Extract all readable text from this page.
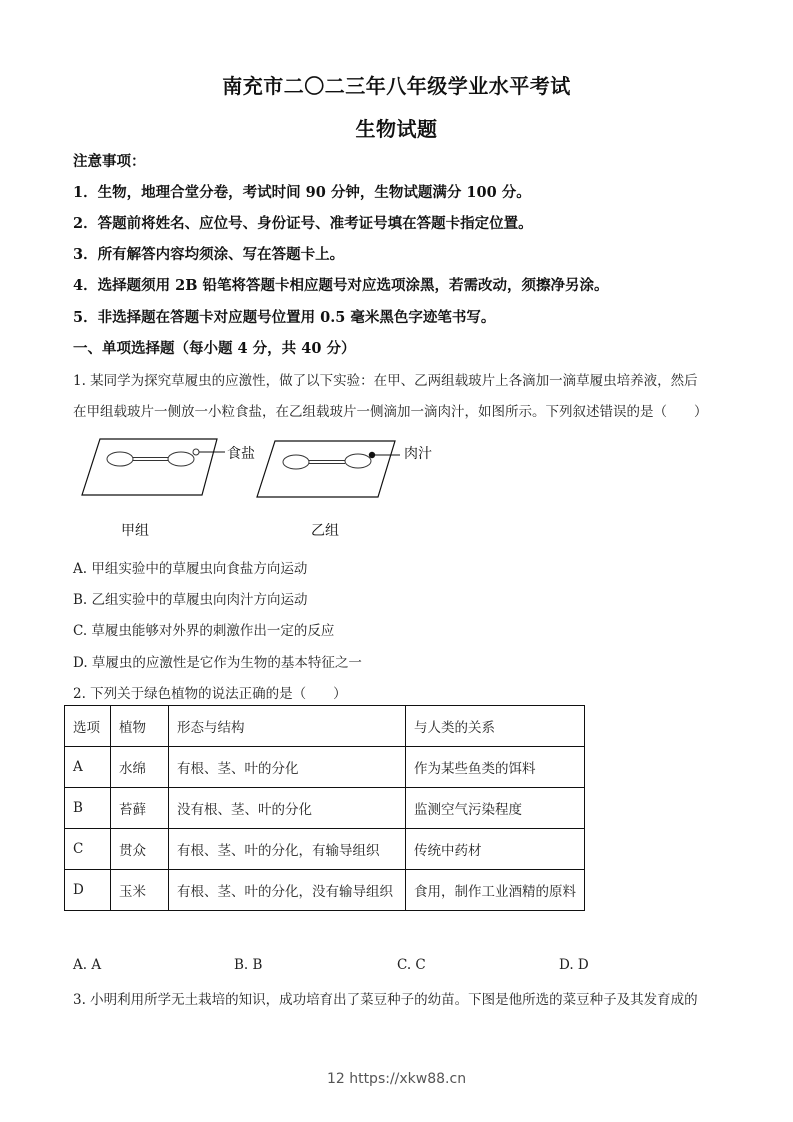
南充市二〇二三年八年级学业水平考试
生物试题
注意事项：
1．生物，地理合堂分卷，考试时间 90 分钟，生物试题满分 100 分。
2．答题前将姓名、应位号、身份证号、准考证号填在答题卡指定位置。
3．所有解答内容均须涂、写在答题卡上。
4．选择题须用 2B 铅笔将答题卡相应题号对应选项涂黑，若需改动，须擦净另涂。
5．非选择题在答题卡对应题号位置用 0.5 毫米黑色字迹笔书写。
一、单项选择题（每小题 4 分，共 40 分）
1. 某同学为探究草履虫的应激性，做了以下实验：在甲、乙两组载玻片上各滴加一滴草履虫培养液，然后
在甲组载玻片一侧放一小粒食盐，在乙组载玻片一侧滴加一滴肉汁，如图所示。下列叙述错误的是（　　）
食盐	肉汁
甲组	乙组
A. 甲组实验中的草履虫向食盐方向运动
B. 乙组实验中的草履虫向肉汁方向运动
C. 草履虫能够对外界的刺激作出一定的反应
D. 草履虫的应激性是它作为生物的基本特征之一
2. 下列关于绿色植物的说法正确的是（　　）
选项	植物	形态与结构	与人类的关系
A	水绵	有根、茎、叶的分化	作为某些鱼类的饵料
B	苔藓	没有根、茎、叶的分化	监测空气污染程度
C	贯众	有根、茎、叶的分化，有输导组织	传统中药材
D	玉米	有根、茎、叶的分化，没有输导组织	食用，制作工业酒精的原料
A. A	B. B	C. C	D. D
3. 小明利用所学无土栽培的知识，成功培育出了菜豆种子的幼苗。下图是他所选的菜豆种子及其发育成的
12 https://xkw88.cn
